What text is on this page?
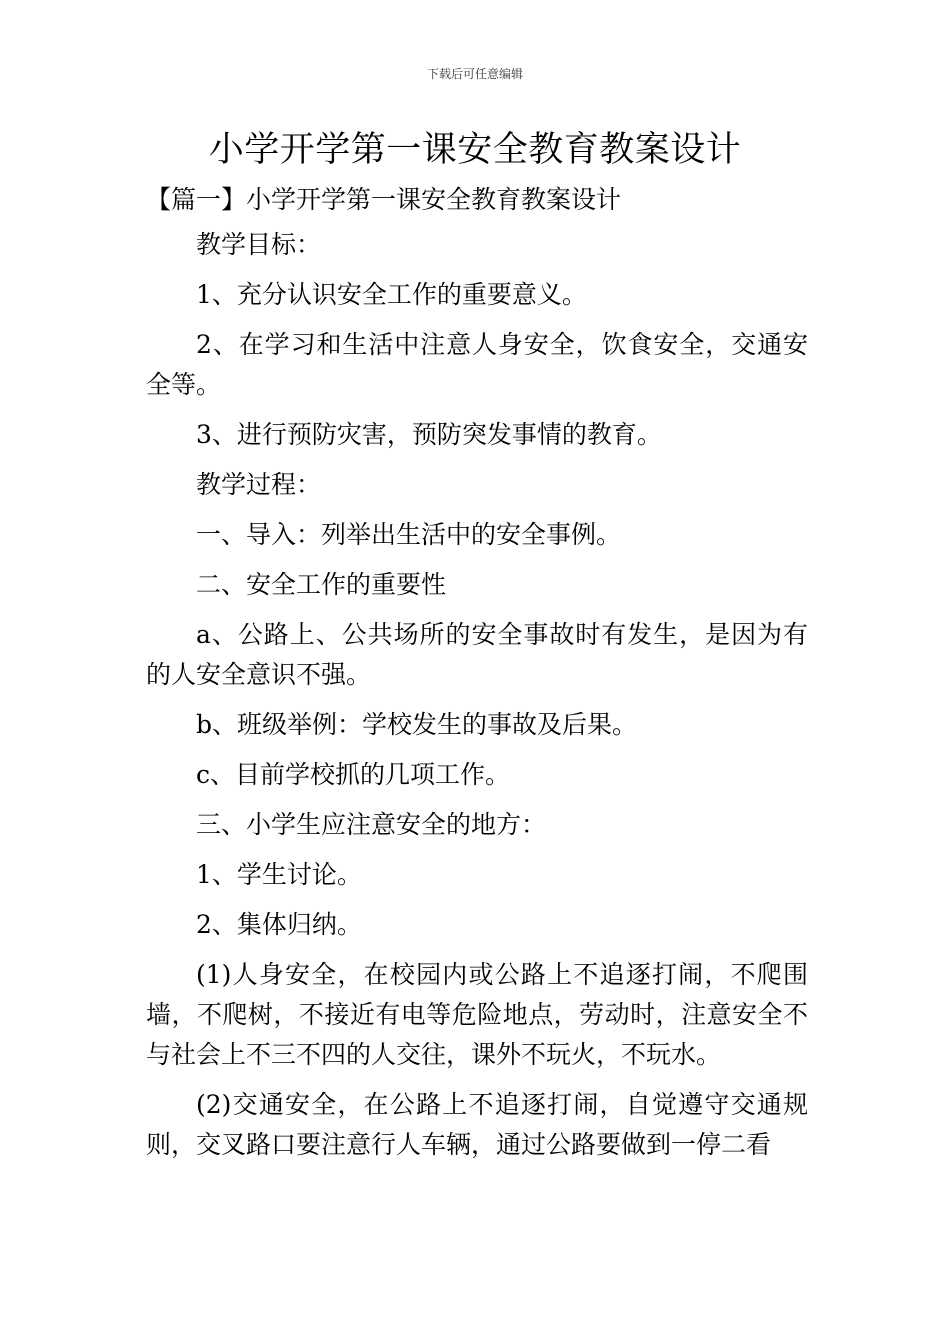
下载后可任意编辑
小学开学第一课安全教育教案设计
【篇一】小学开学第一课安全教育教案设计

教学目标：

1、充分认识安全工作的重要意义。

2、在学习和生活中注意人身安全，饮食安全，交通安全等。

3、进行预防灾害，预防突发事情的教育。

教学过程：

一、导入：列举出生活中的安全事例。

二、安全工作的重要性

a、公路上、公共场所的安全事故时有发生，是因为有的人安全意识不强。

b、班级举例：学校发生的事故及后果。

c、目前学校抓的几项工作。

三、小学生应注意安全的地方：

1、学生讨论。

2、集体归纳。

(1)人身安全，在校园内或公路上不追逐打闹，不爬围墙，不爬树，不接近有电等危险地点，劳动时，注意安全不与社会上不三不四的人交往，课外不玩火，不玩水。

(2)交通安全，在公路上不追逐打闹，自觉遵守交通规则，交叉路口要注意行人车辆，通过公路要做到一停二看
